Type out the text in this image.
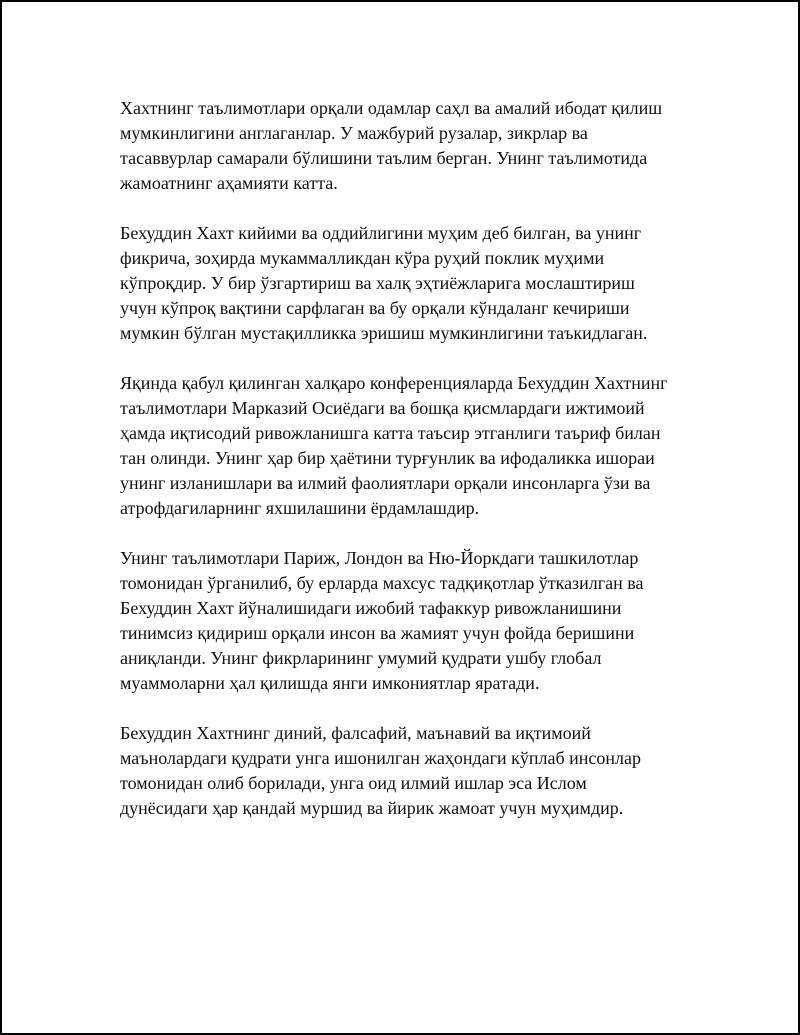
Хахтнинг таълимотлари орқали одамлар саҳл ва амалий ибодат қилиш
мумкинлигини англаганлар. У мажбурий рузалар, зикрлар ва
тасаввурлар самарали бўлишини таълим берган. Унинг таълимотида
жамоатнинг аҳамияти катта.

Бехуддин Хахт кийими ва оддийлигини муҳим деб билган, ва унинг
фикрича, зоҳирда мукаммалликдан кўра руҳий поклик муҳими
кўпроқдир. У бир ўзгартириш ва халқ эҳтиёжларига мослаштириш
учун кўпроқ вақтини сарфлаган ва бу орқали кўндаланг кечириши
мумкин бўлган мустақилликка эришиш мумкинлигини таъкидлаган.

Яқинда қабул қилинган халқаро конференцияларда Бехуддин Хахтнинг
таълимотлари Марказий Осиёдаги ва бошқа қисмлардаги ижтимоий
ҳамда иқтисодий ривожланишга катта таъсир этганлиги таъриф билан
тан олинди. Унинг ҳар бир ҳаётини турғунлик ва ифодаликка ишораи
унинг изланишлари ва илмий фаолиятлари орқали инсонларга ўзи ва
атрофдагиларнинг яхшилашини ёрдамлашдир.

Унинг таълимотлари Париж, Лондон ва Ню-Йоркдаги ташкилотлар
томонидан ўрганилиб, бу ерларда махсус тадқиқотлар ўтказилган ва
Бехуддин Хахт йўналишидаги ижобий тафаккур ривожланишини
тинимсиз қидириш орқали инсон ва жамият учун фойда беришини
аниқланди. Унинг фикрларининг умумий қудрати ушбу глобал
муаммоларни ҳал қилишда янги имкониятлар яратади.

Бехуддин Хахтнинг диний, фалсафий, маънавий ва иқтимоий
маънолардаги қудрати унга ишонилган жаҳондаги кўплаб инсонлар
томонидан олиб борилади, унга оид илмий ишлар эса Ислом
дунёсидаги ҳар қандай муршид ва йирик жамоат учун муҳимдир.
